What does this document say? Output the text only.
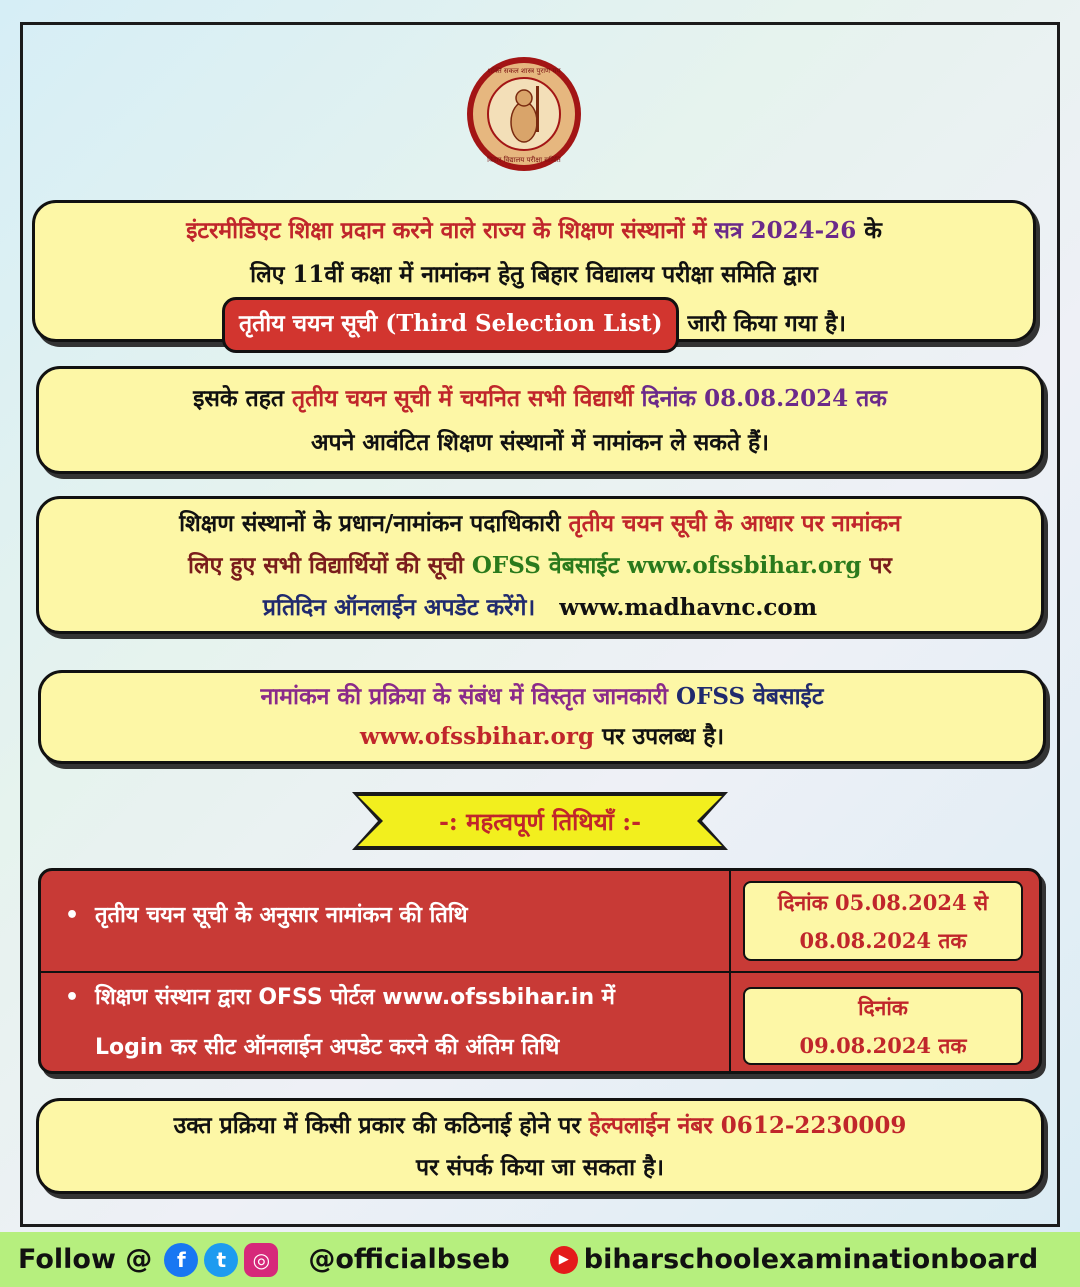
शक्ति सकल शास्त्र पुराण मय
बिहार विद्यालय परीक्षा समिति
इंटरमीडिएट शिक्षा प्रदान करने वाले राज्य के शिक्षण संस्थानों में सत्र 2024-26 के
लिए 11वीं कक्षा में नामांकन हेतु बिहार विद्यालय परीक्षा समिति द्वारा
तृतीय चयन सूची (Third Selection List) जारी किया गया है।
इसके तहत तृतीय चयन सूची में चयनित सभी विद्यार्थी दिनांक 08.08.2024 तक
अपने आवंटित शिक्षण संस्थानों में नामांकन ले सकते हैं।
शिक्षण संस्थानों के प्रधान/नामांकन पदाधिकारी तृतीय चयन सूची के आधार पर नामांकन
लिए हुए सभी विद्यार्थियों की सूची OFSS वेबसाईट www.ofssbihar.org पर
प्रतिदिन ऑनलाईन अपडेट करेंगे। www.madhavnc.com
नामांकन की प्रक्रिया के संबंध में विस्तृत जानकारी OFSS वेबसाईट
www.ofssbihar.org पर उपलब्ध है।
-: महत्वपूर्ण तिथियाँ :-
• तृतीय चयन सूची के अनुसार नामांकन की तिथि
दिनांक 05.08.2024 से
08.08.2024 तक
• शिक्षण संस्थान द्वारा OFSS पोर्टल www.ofssbihar.in में
Login कर सीट ऑनलाईन अपडेट करने की अंतिम तिथि
दिनांक
09.08.2024 तक
उक्त प्रक्रिया में किसी प्रकार की कठिनाई होने पर हेल्पलाईन नंबर 0612-2230009
पर संपर्क किया जा सकता है।
Follow @	f	t	◎	@officialbseb	▶ biharschoolexaminationboard
